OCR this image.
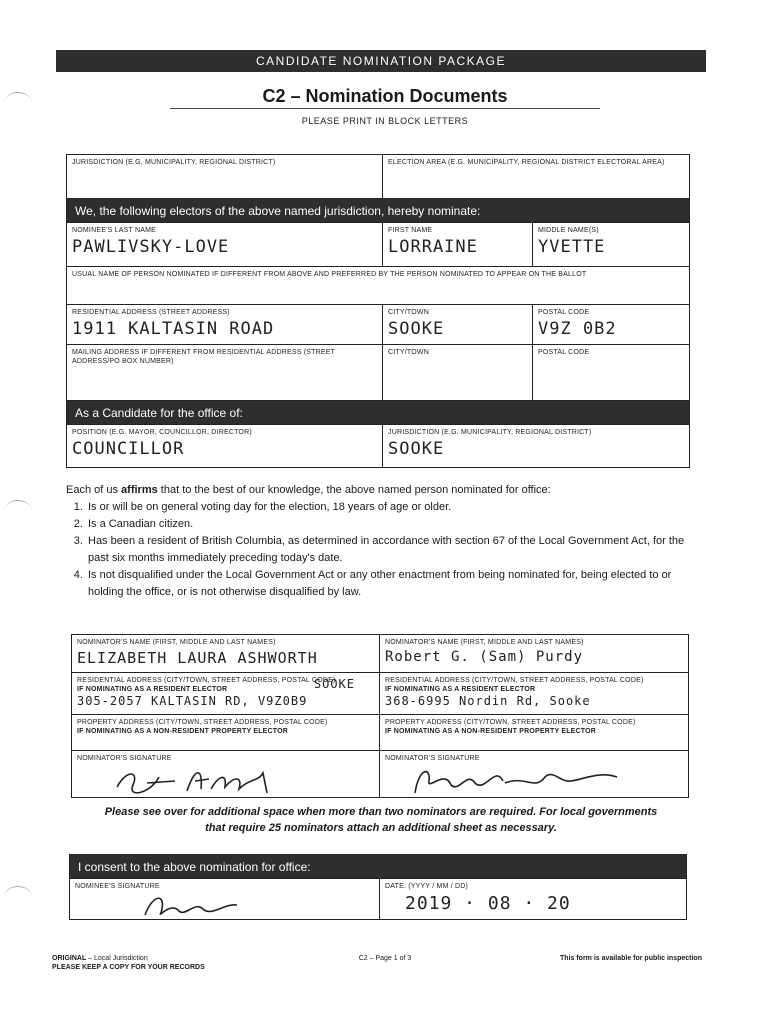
CANDIDATE NOMINATION PACKAGE
C2 – Nomination Documents
PLEASE PRINT IN BLOCK LETTERS
JURISDICTION (E.G. MUNICIPALITY, REGIONAL DISTRICT)	ELECTION AREA (E.G. MUNICIPALITY, REGIONAL DISTRICT ELECTORAL AREA)
We, the following electors of the above named jurisdiction, hereby nominate:
NOMINEE'S LAST NAME
PAWLIVSKY-LOVE
FIRST NAME
LORRAINE
MIDDLE NAME(S)
YVETTE
USUAL NAME OF PERSON NOMINATED IF DIFFERENT FROM ABOVE AND PREFERRED BY THE PERSON NOMINATED TO APPEAR ON THE BALLOT
RESIDENTIAL ADDRESS (STREET ADDRESS)
1911 KALTASIN ROAD
CITY/TOWN
SOOKE
POSTAL CODE
V9Z 0B2
MAILING ADDRESS IF DIFFERENT FROM RESIDENTIAL ADDRESS (STREET ADDRESS/PO BOX NUMBER)
CITY/TOWN	POSTAL CODE
As a Candidate for the office of:
POSITION (E.G. MAYOR, COUNCILLOR, DIRECTOR)
COUNCILLOR
JURISDICTION (E.G. MUNICIPALITY, REGIONAL DISTRICT)
SOOKE

Each of us affirms that to the best of our knowledge, the above named person nominated for office:

1. Is or will be on general voting day for the election, 18 years of age or older.
2. Is a Canadian citizen.
3. Has been a resident of British Columbia, as determined in accordance with section 67 of the Local Government Act, for the past six months immediately preceding today's date.
4. Is not disqualified under the Local Government Act or any other enactment from being nominated for, being elected to or holding the office, or is not otherwise disqualified by law.
NOMINATOR'S NAME (FIRST, MIDDLE AND LAST NAMES)
ELIZABETH LAURA ASHWORTH
NOMINATOR'S NAME (FIRST, MIDDLE AND LAST NAMES)
Robert G. (Sam) Purdy
RESIDENTIAL ADDRESS (CITY/TOWN, STREET ADDRESS, POSTAL CODE)
IF NOMINATING AS A RESIDENT ELECTOR	SOOKE
305-2057 KALTASIN RD, V9Z0B9
RESIDENTIAL ADDRESS (CITY/TOWN, STREET ADDRESS, POSTAL CODE)
IF NOMINATING AS A RESIDENT ELECTOR
368-6995 Nordin Rd, Sooke
PROPERTY ADDRESS (CITY/TOWN, STREET ADDRESS, POSTAL CODE)
IF NOMINATING AS A NON-RESIDENT PROPERTY ELECTOR
PROPERTY ADDRESS (CITY/TOWN, STREET ADDRESS, POSTAL CODE)
IF NOMINATING AS A NON-RESIDENT PROPERTY ELECTOR
NOMINATOR'S SIGNATURE	NOMINATOR'S SIGNATURE
Please see over for additional space when more than two nominators are required. For local governments
that require 25 nominators attach an additional sheet as necessary.
I consent to the above nomination for office:
NOMINEE'S SIGNATURE	DATE: (YYYY / MM / DD)
2019 · 08 · 20
ORIGINAL – Local Jurisdiction
PLEASE KEEP A COPY FOR YOUR RECORDS
C2 – Page 1 of 3	This form is available for public inspection
